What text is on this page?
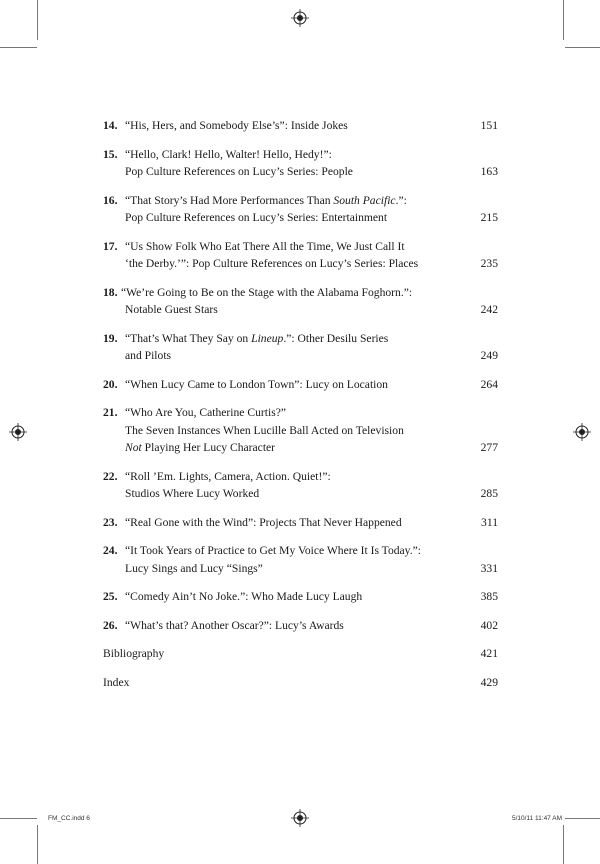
14. “His, Hers, and Somebody Else’s”: Inside Jokes	151
15. “Hello, Clark! Hello, Walter! Hello, Hedy!”:
Pop Culture References on Lucy’s Series: People	163
16. “That Story’s Had More Performances Than South Pacific.”:
Pop Culture References on Lucy’s Series: Entertainment	215
17. “Us Show Folk Who Eat There All the Time, We Just Call It
‘the Derby.’”: Pop Culture References on Lucy’s Series: Places	235
18. “We’re Going to Be on the Stage with the Alabama Foghorn.”:
Notable Guest Stars	242
19. “That’s What They Say on Lineup.”: Other Desilu Series
and Pilots	249
20. “When Lucy Came to London Town”: Lucy on Location	264
21. “Who Are You, Catherine Curtis?”
The Seven Instances When Lucille Ball Acted on Television
Not Playing Her Lucy Character	277
22. “Roll ’Em. Lights, Camera, Action. Quiet!”:
Studios Where Lucy Worked	285
23. “Real Gone with the Wind”: Projects That Never Happened	311
24. “It Took Years of Practice to Get My Voice Where It Is Today.”:
Lucy Sings and Lucy “Sings”	331
25. “Comedy Ain’t No Joke.”: Who Made Lucy Laugh	385
26. “What’s that? Another Oscar?”: Lucy’s Awards	402
Bibliography	421
Index	429
FM_CC.indd 6	5/10/11 11:47 AM
